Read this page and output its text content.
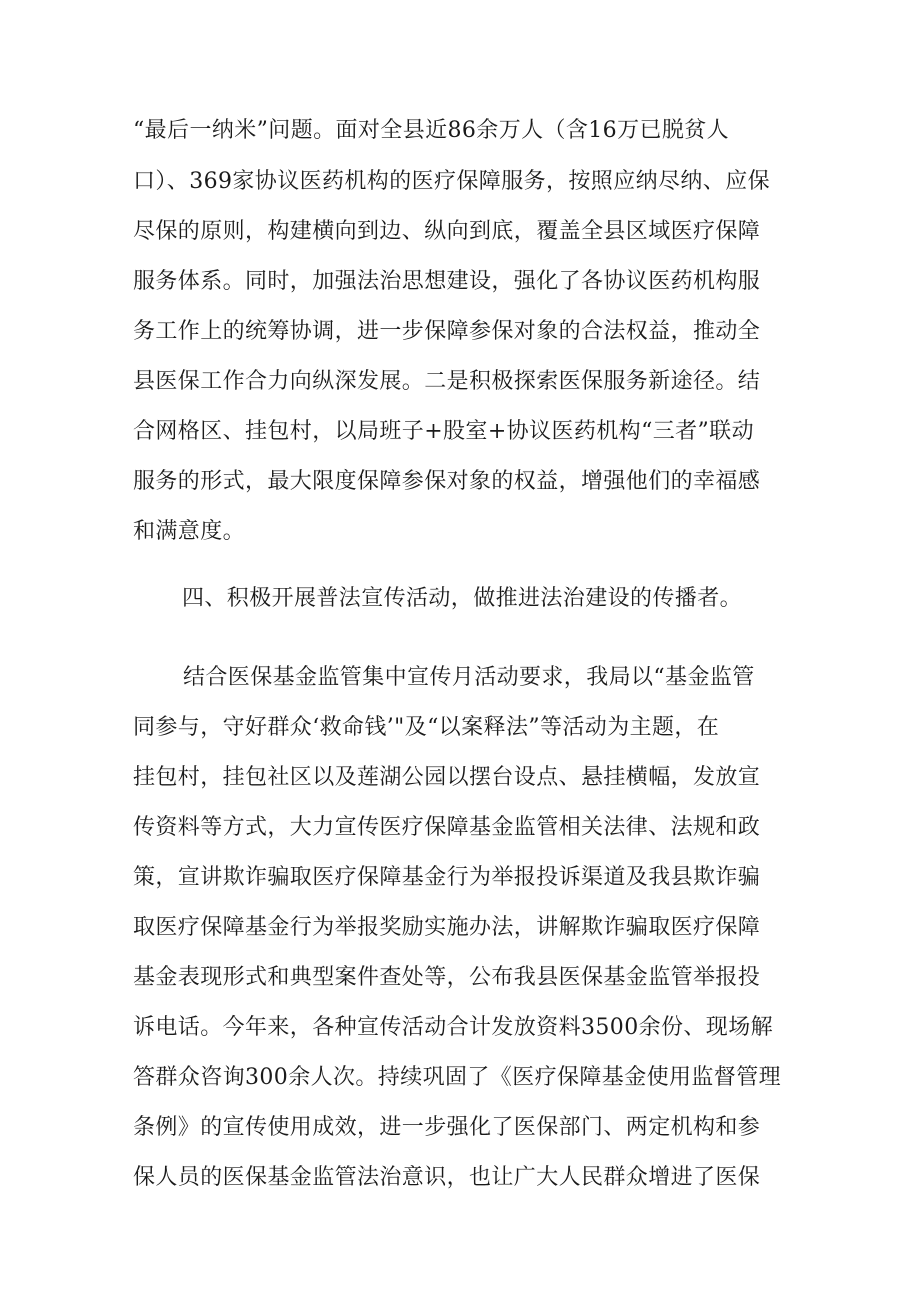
“最后一纳米”问题。面对全县近86余万人（含16万已脱贫人

口）、369家协议医药机构的医疗保障服务，按照应纳尽纳、应保

尽保的原则，构建横向到边、纵向到底，覆盖全县区域医疗保障

服务体系。同时，加强法治思想建设，强化了各协议医药机构服

务工作上的统筹协调，进一步保障参保对象的合法权益，推动全

县医保工作合力向纵深发展。二是积极探索医保服务新途径。结

合网格区、挂包村，以局班子+股室+协议医药机构“三者”联动

服务的形式，最大限度保障参保对象的权益，增强他们的幸福感

和满意度。

四、积极开展普法宣传活动，做推进法治建设的传播者。

结合医保基金监管集中宣传月活动要求，我局以“基金监管

同参与，守好群众‘救命钱’"及“以案释法”等活动为主题，在

挂包村，挂包社区以及莲湖公园以摆台设点、悬挂横幅，发放宣

传资料等方式，大力宣传医疗保障基金监管相关法律、法规和政

策，宣讲欺诈骗取医疗保障基金行为举报投诉渠道及我县欺诈骗

取医疗保障基金行为举报奖励实施办法，讲解欺诈骗取医疗保障

基金表现形式和典型案件查处等，公布我县医保基金监管举报投

诉电话。今年来，各种宣传活动合计发放资料3500余份、现场解

答群众咨询300余人次。持续巩固了《医疗保障基金使用监督管理

条例》的宣传使用成效，进一步强化了医保部门、两定机构和参

保人员的医保基金监管法治意识，也让广大人民群众增进了医保
